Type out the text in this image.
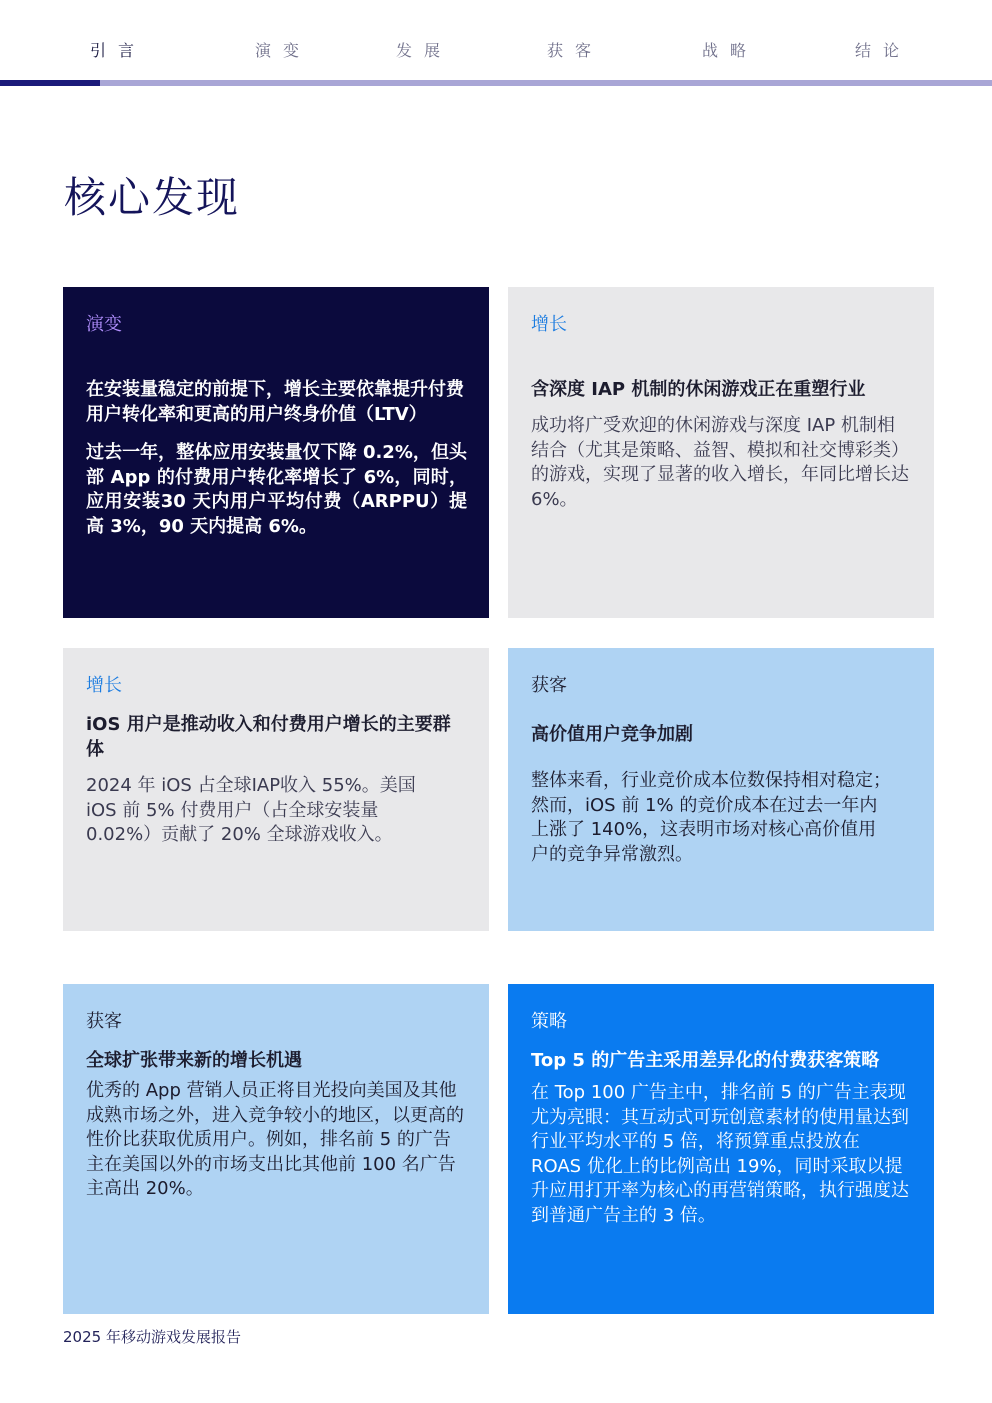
引言	演变	发展	获客	战略	结论
核心发现
演变
在安装量稳定的前提下，增长主要依靠提升付费用户转化率和更高的用户终身价值（LTV）
过去一年，整体应用安装量仅下降 0.2%，但头部 App 的付费用户转化率增长了 6%，同时，应用安装30 天内用户平均付费（ARPPU）提高 3%，90 天内提高 6%。
增长
含深度 IAP 机制的休闲游戏正在重塑行业
成功将广受欢迎的休闲游戏与深度 IAP 机制相结合（尤其是策略、益智、模拟和社交博彩类）的游戏，实现了显著的收入增长，年同比增长达 6%。
增长
iOS 用户是推动收入和付费用户增长的主要群体
2024 年 iOS 占全球IAP收入 55%。美国 iOS 前 5% 付费用户（占全球安装量 0.02%）贡献了 20% 全球游戏收入。
获客
高价值用户竞争加剧
整体来看，行业竞价成本位数保持相对稳定；然而，iOS 前 1% 的竞价成本在过去一年内上涨了 140%，这表明市场对核心高价值用户的竞争异常激烈。
获客
全球扩张带来新的增长机遇
优秀的 App 营销人员正将目光投向美国及其他成熟市场之外，进入竞争较小的地区，以更高的性价比获取优质用户。例如，排名前 5 的广告主在美国以外的市场支出比其他前 100 名广告主高出 20%。
策略
Top 5 的广告主采用差异化的付费获客策略
在 Top 100 广告主中，排名前 5 的广告主表现尤为亮眼：其互动式可玩创意素材的使用量达到行业平均水平的 5 倍，将预算重点投放在 ROAS 优化上的比例高出 19%，同时采取以提升应用打开率为核心的再营销策略，执行强度达到普通广告主的 3 倍。
2025 年移动游戏发展报告
